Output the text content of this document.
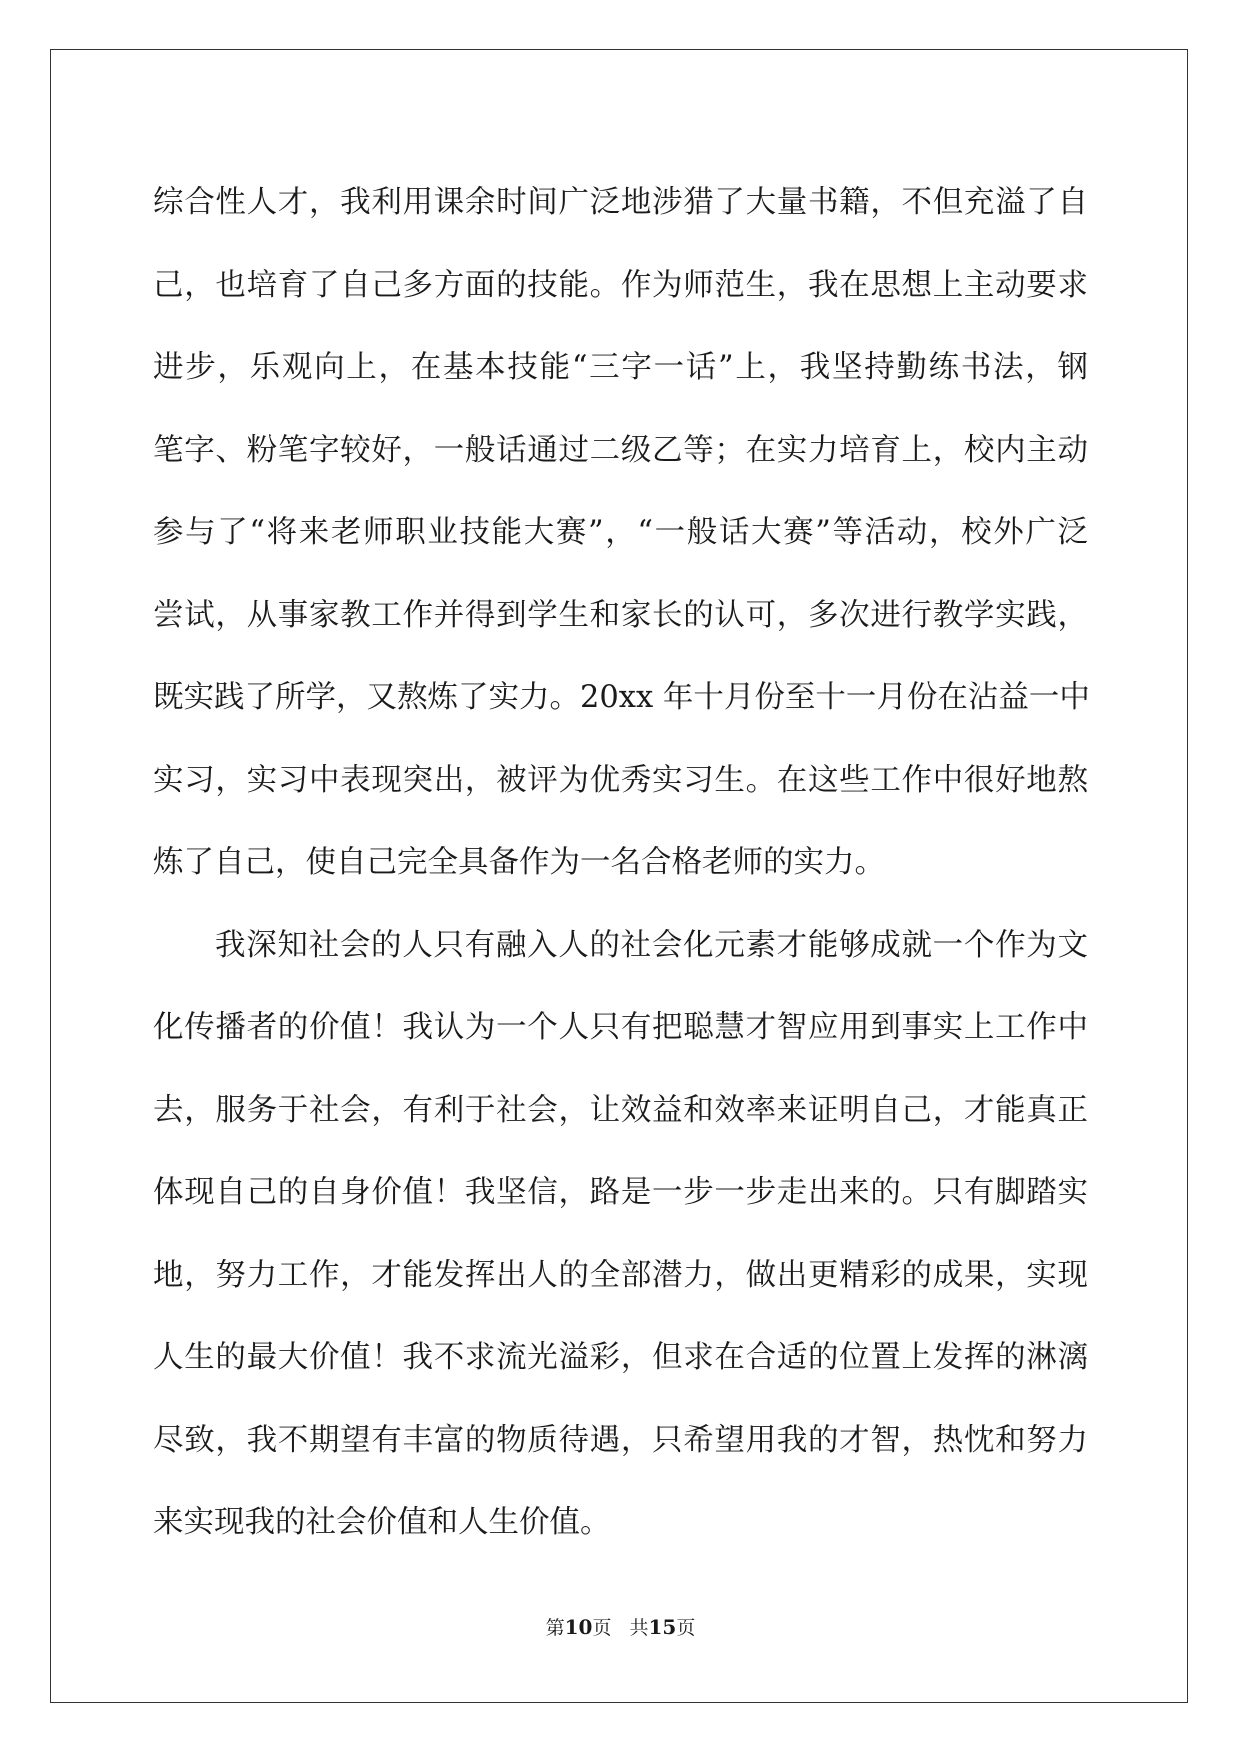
综合性人才，我利用课余时间广泛地涉猎了大量书籍，不但充溢了自
己，也培育了自己多方面的技能。作为师范生，我在思想上主动要求
进步，乐观向上，在基本技能“三字一话”上，我坚持勤练书法，钢
笔字、粉笔字较好，一般话通过二级乙等；在实力培育上，校内主动
参与了“将来老师职业技能大赛”，“一般话大赛”等活动，校外广泛
尝试，从事家教工作并得到学生和家长的认可，多次进行教学实践，
既实践了所学，又熬炼了实力。20xx 年十月份至十一月份在沾益一中
实习，实习中表现突出，被评为优秀实习生。在这些工作中很好地熬
炼了自己，使自己完全具备作为一名合格老师的实力。
我深知社会的人只有融入人的社会化元素才能够成就一个作为文
化传播者的价值！我认为一个人只有把聪慧才智应用到事实上工作中
去，服务于社会，有利于社会，让效益和效率来证明自己，才能真正
体现自己的自身价值！我坚信，路是一步一步走出来的。只有脚踏实
地，努力工作，才能发挥出人的全部潜力，做出更精彩的成果，实现
人生的最大价值！我不求流光溢彩，但求在合适的位置上发挥的淋漓
尽致，我不期望有丰富的物质待遇，只希望用我的才智，热忱和努力
来实现我的社会价值和人生价值。
第10页 共15页
